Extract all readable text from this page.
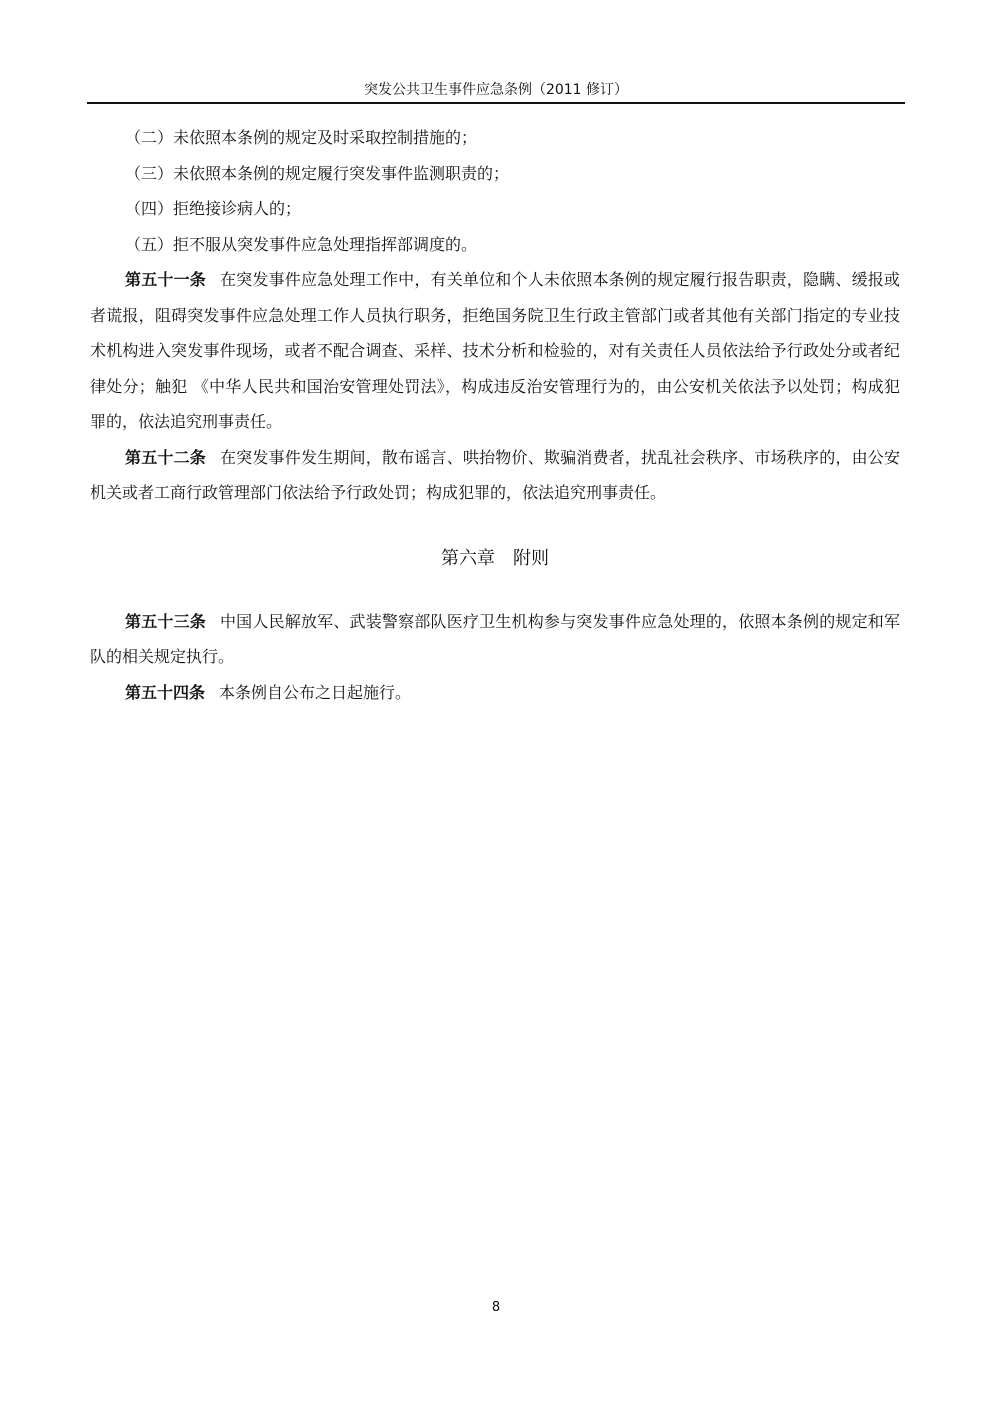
突发公共卫生事件应急条例（2011 修订）

（二）未依照本条例的规定及时采取控制措施的；

（三）未依照本条例的规定履行突发事件监测职责的；

（四）拒绝接诊病人的；

（五）拒不服从突发事件应急处理指挥部调度的。

第五十一条 在突发事件应急处理工作中，有关单位和个人未依照本条例的规定履行报告职责，隐瞒、缓报或者谎报，阻碍突发事件应急处理工作人员执行职务，拒绝国务院卫生行政主管部门或者其他有关部门指定的专业技术机构进入突发事件现场，或者不配合调查、采样、技术分析和检验的，对有关责任人员依法给予行政处分或者纪律处分；触犯 《中华人民共和国治安管理处罚法》，构成违反治安管理行为的，由公安机关依法予以处罚；构成犯罪的，依法追究刑事责任。

第五十二条 在突发事件发生期间，散布谣言、哄抬物价、欺骗消费者，扰乱社会秩序、市场秩序的，由公安机关或者工商行政管理部门依法给予行政处罚；构成犯罪的，依法追究刑事责任。

第六章　附则

第五十三条 中国人民解放军、武装警察部队医疗卫生机构参与突发事件应急处理的，依照本条例的规定和军队的相关规定执行。

第五十四条 本条例自公布之日起施行。

8
